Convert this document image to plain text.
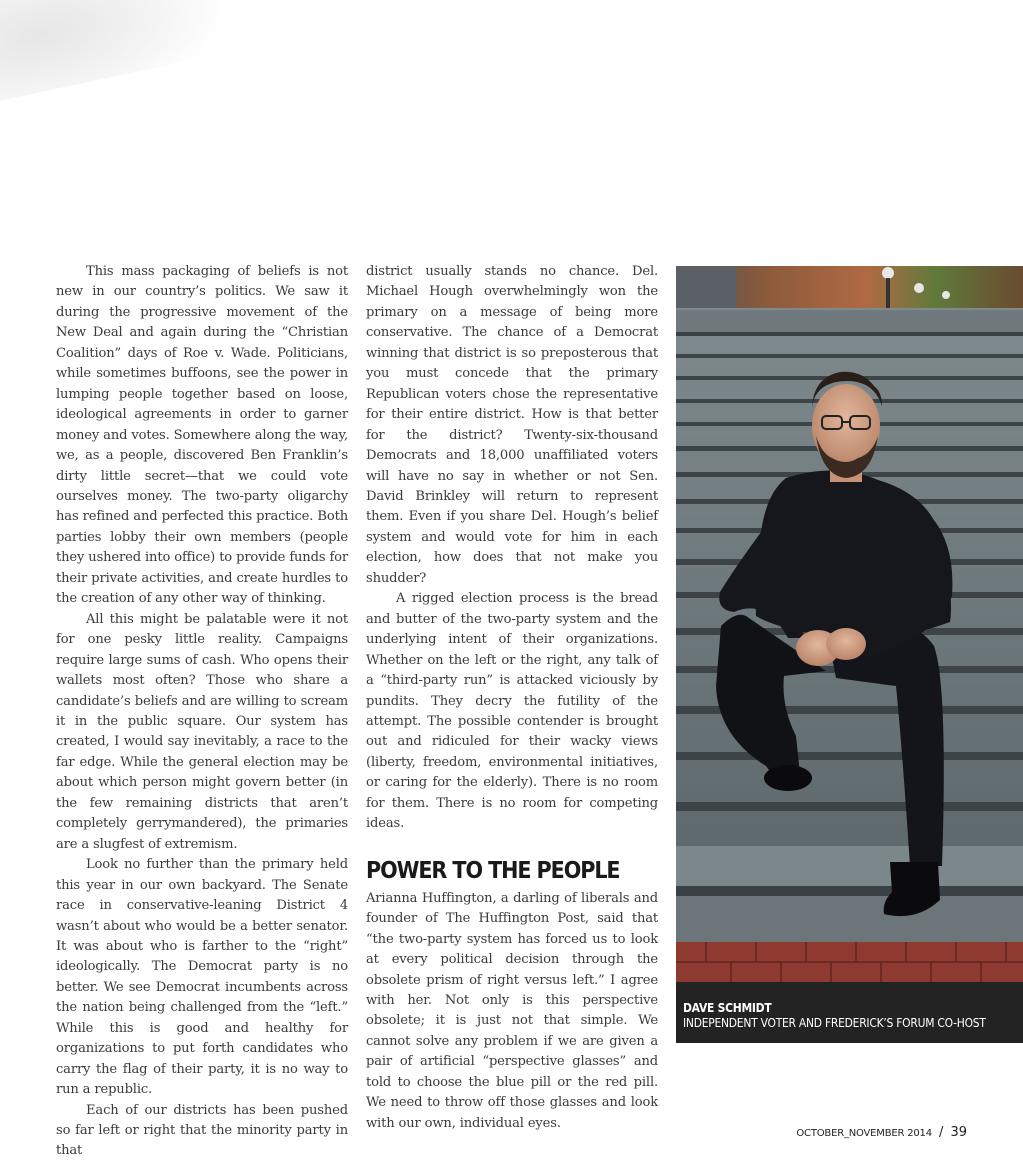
This mass packaging of beliefs is not new in our country’s politics. We saw it during the progressive movement of the New Deal and again during the “Christian Coalition” days of Roe v. Wade. Politicians, while sometimes buffoons, see the power in lumping people together based on loose, ideological agreements in order to garner money and votes. Somewhere along the way, we, as a people, discovered Ben Franklin’s dirty little secret—that we could vote ourselves money. The two-party oligarchy has refined and perfected this practice. Both parties lobby their own members (people they ushered into office) to provide funds for their private activities, and create hurdles to the creation of any other way of thinking.

All this might be palatable were it not for one pesky little reality. Campaigns require large sums of cash. Who opens their wallets most often? Those who share a candidate’s beliefs and are willing to scream it in the public square. Our system has created, I would say inevitably, a race to the far edge. While the general election may be about which person might govern better (in the few remaining districts that aren’t completely gerrymandered), the primaries are a slugfest of extremism.

Look no further than the primary held this year in our own backyard. The Senate race in conservative-leaning District 4 wasn’t about who would be a better senator. It was about who is farther to the “right” ideologically. The Democrat party is no better. We see Democrat incumbents across the nation being challenged from the “left.” While this is good and healthy for organizations to put forth candidates who carry the flag of their party, it is no way to run a republic.

Each of our districts has been pushed so far left or right that the minority party in that

district usually stands no chance. Del. Michael Hough overwhelmingly won the primary on a message of being more conservative. The chance of a Democrat winning that district is so preposterous that you must concede that the primary Republican voters chose the representative for their entire district. How is that better for the district? Twenty-six-thousand Democrats and 18,000 unaffiliated voters will have no say in whether or not Sen. David Brinkley will return to represent them. Even if you share Del. Hough’s belief system and would vote for him in each election, how does that not make you shudder?

A rigged election process is the bread and butter of the two-party system and the underlying intent of their organizations. Whether on the left or the right, any talk of a “third-party run” is attacked viciously by pundits. They decry the futility of the attempt. The possible contender is brought out and ridiculed for their wacky views (liberty, freedom, environmental initiatives, or caring for the elderly). There is no room for them. There is no room for competing ideas.

POWER TO THE PEOPLE

Arianna Huffington, a darling of liberals and founder of The Huffington Post, said that “the two-party system has forced us to look at every political decision through the obsolete prism of right versus left.” I agree with her. Not only is this perspective obsolete; it is just not that simple. We cannot solve any problem if we are given a pair of artificial “perspective glasses” and told to choose the blue pill or the red pill. We need to throw off those glasses and look with our own, individual eyes.

DAVE SCHMIDT
INDEPENDENT VOTER AND FREDERICK’S FORUM CO-HOST
OCTOBER_NOVEMBER 2014 / 39
